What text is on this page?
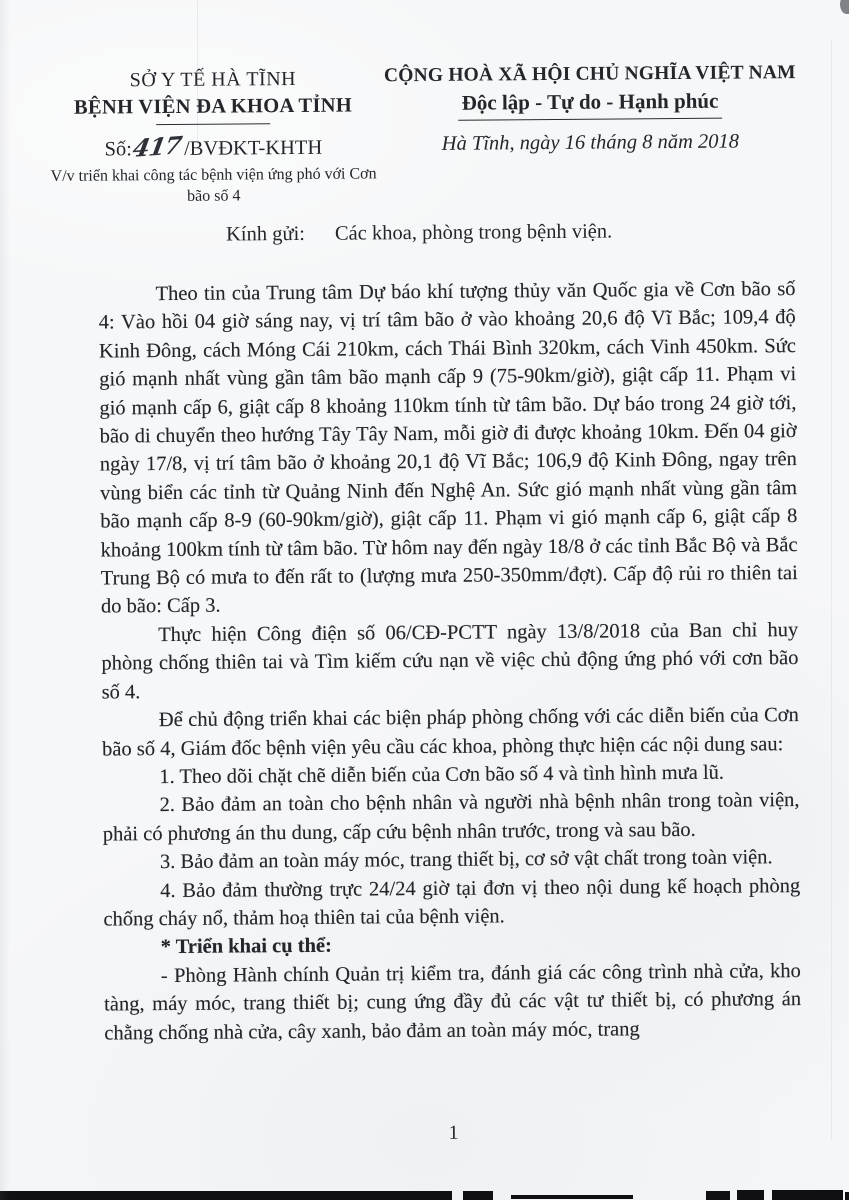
SỞ Y TẾ HÀ TĨNH
BỆNH VIỆN ĐA KHOA TỈNH
Số:417/BVĐKT-KHTH
V/v triển khai công tác bệnh viện ứng phó với Cơn bão số 4
CỘNG HOÀ XÃ HỘI CHỦ NGHĨA VIỆT NAM
Độc lập - Tự do - Hạnh phúc
Hà Tĩnh, ngày 16 tháng 8 năm 2018
Kính gửi: Các khoa, phòng trong bệnh viện.

Theo tin của Trung tâm Dự báo khí tượng thủy văn Quốc gia về Cơn bão số 4: Vào hồi 04 giờ sáng nay, vị trí tâm bão ở vào khoảng 20,6 độ Vĩ Bắc; 109,4 độ Kinh Đông, cách Móng Cái 210km, cách Thái Bình 320km, cách Vinh 450km. Sức gió mạnh nhất vùng gần tâm bão mạnh cấp 9 (75-90km/giờ), giật cấp 11. Phạm vi gió mạnh cấp 6, giật cấp 8 khoảng 110km tính từ tâm bão. Dự báo trong 24 giờ tới, bão di chuyển theo hướng Tây Tây Nam, mỗi giờ đi được khoảng 10km. Đến 04 giờ ngày 17/8, vị trí tâm bão ở khoảng 20,1 độ Vĩ Bắc; 106,9 độ Kinh Đông, ngay trên vùng biển các tỉnh từ Quảng Ninh đến Nghệ An. Sức gió mạnh nhất vùng gần tâm bão mạnh cấp 8-9 (60-90km/giờ), giật cấp 11. Phạm vi gió mạnh cấp 6, giật cấp 8 khoảng 100km tính từ tâm bão. Từ hôm nay đến ngày 18/8 ở các tỉnh Bắc Bộ và Bắc Trung Bộ có mưa to đến rất to (lượng mưa 250-350mm/đợt). Cấp độ rủi ro thiên tai do bão: Cấp 3.

Thực hiện Công điện số 06/CĐ-PCTT ngày 13/8/2018 của Ban chỉ huy phòng chống thiên tai và Tìm kiếm cứu nạn về việc chủ động ứng phó với cơn bão số 4.

Để chủ động triển khai các biện pháp phòng chống với các diễn biến của Cơn bão số 4, Giám đốc bệnh viện yêu cầu các khoa, phòng thực hiện các nội dung sau:

1. Theo dõi chặt chẽ diễn biến của Cơn bão số 4 và tình hình mưa lũ.

2. Bảo đảm an toàn cho bệnh nhân và người nhà bệnh nhân trong toàn viện, phải có phương án thu dung, cấp cứu bệnh nhân trước, trong và sau bão.

3. Bảo đảm an toàn máy móc, trang thiết bị, cơ sở vật chất trong toàn viện.

4. Bảo đảm thường trực 24/24 giờ tại đơn vị theo nội dung kế hoạch phòng chống cháy nổ, thảm hoạ thiên tai của bệnh viện.

* Triển khai cụ thể:

- Phòng Hành chính Quản trị kiểm tra, đánh giá các công trình nhà cửa, kho tàng, máy móc, trang thiết bị; cung ứng đầy đủ các vật tư thiết bị, có phương án chằng chống nhà cửa, cây xanh, bảo đảm an toàn máy móc, trang

1
